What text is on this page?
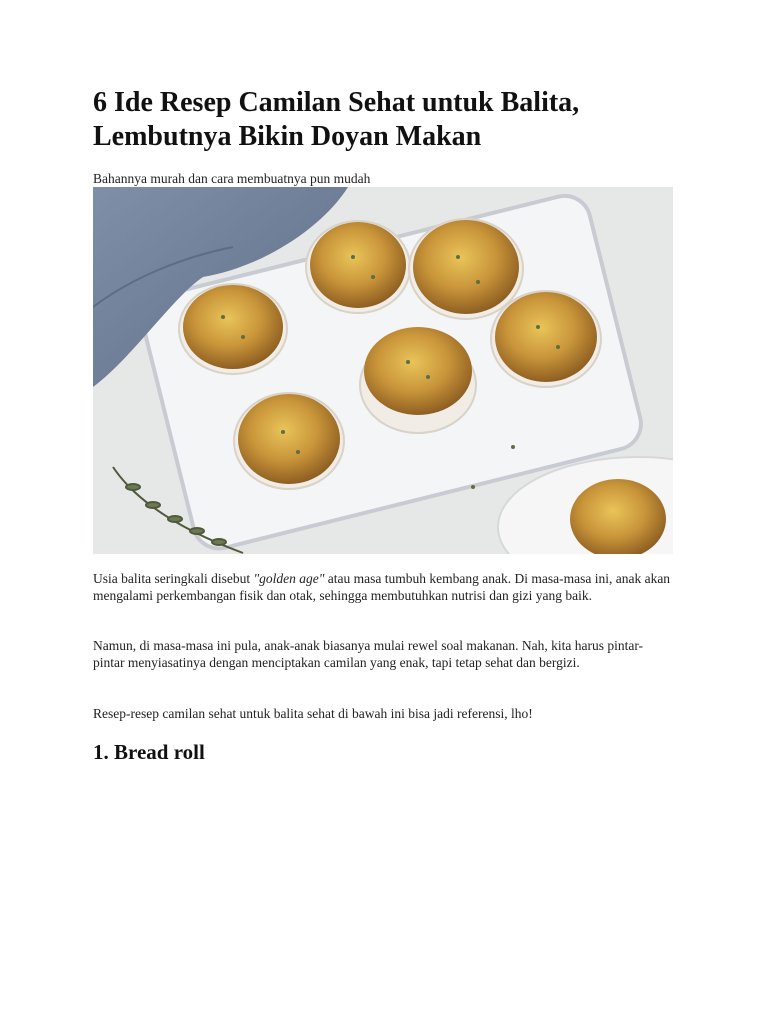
6 Ide Resep Camilan Sehat untuk Balita, Lembutnya Bikin Doyan Makan

Bahannya murah dan cara membuatnya pun mudah

Usia balita seringkali disebut "golden age" atau masa tumbuh kembang anak. Di masa-masa ini, anak akan mengalami perkembangan fisik dan otak, sehingga membutuhkan nutrisi dan gizi yang baik.

Namun, di masa-masa ini pula, anak-anak biasanya mulai rewel soal makanan. Nah, kita harus pintar-pintar menyiasatinya dengan menciptakan camilan yang enak, tapi tetap sehat dan bergizi.

Resep-resep camilan sehat untuk balita sehat di bawah ini bisa jadi referensi, lho!

1. Bread roll
